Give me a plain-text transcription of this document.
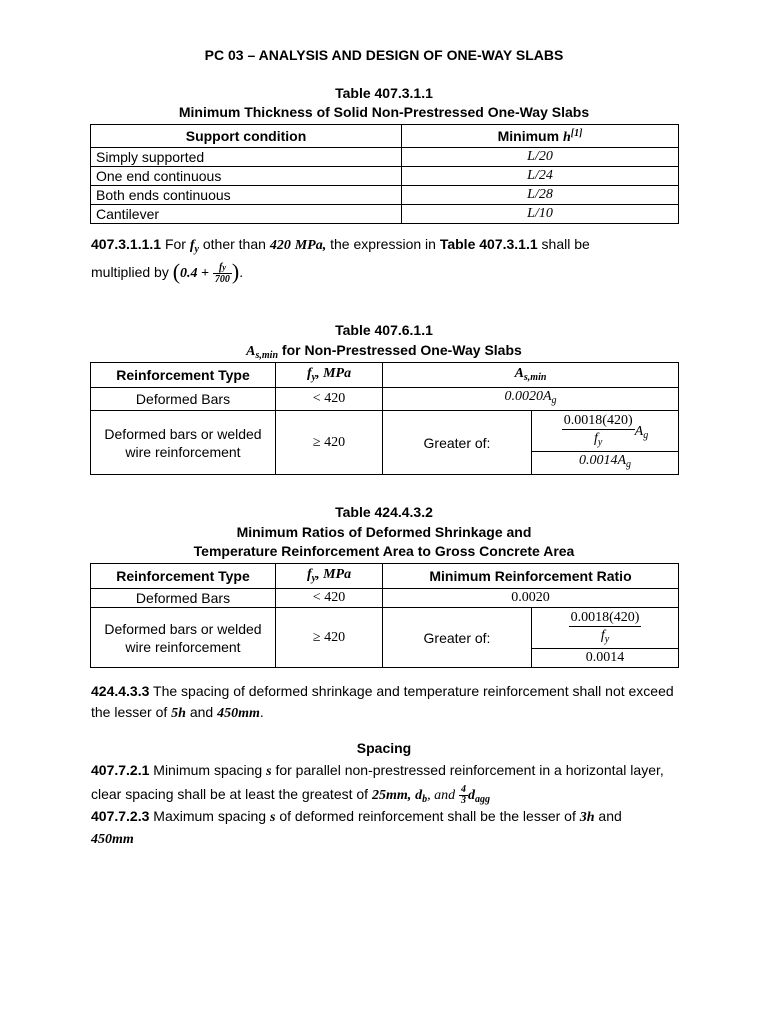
PC 03 – ANALYSIS AND DESIGN OF ONE-WAY SLABS
Table 407.3.1.1
Minimum Thickness of Solid Non-Prestressed One-Way Slabs
Support condition	Minimum h[1]
Simply supported	L/20
One end continuous	L/24
Both ends continuous	L/28
Cantilever	L/10

407.3.1.1.1 For $f_y$ other than 420 MPa, the expression in Table 407.3.1.1 shall be
multiplied by ($0.4 + \frac{fy}{700}$ ).

Table 407.6.1.1
$A_{s,min}$ for Non-Prestressed One-Way Slabs
Reinforcement Type	$f_y$, MPa	$A_{s,min}$
Deformed Bars	< 420	$0.0020A_g$
Deformed bars or welded
wire reinforcement	≥ 420	Greater of:	$\frac{0.0018(420)}{f_y} A_g$
			$0.0014A_g$
Table 424.4.3.2
Minimum Ratios of Deformed Shrinkage and
Temperature Reinforcement Area to Gross Concrete Area
Reinforcement Type	$f_y$, MPa	Minimum Reinforcement Ratio	
Deformed Bars	< 420	0.0020	
Deformed bars or welded
wire reinforcement	≥ 420	Greater of:	$\frac{0.0018(420)}{f_y}$

			0.0014

424.4.3.3 The spacing of deformed shrinkage and temperature reinforcement shall not exceed the lesser of 5h and 450mm.

Spacing

407.7.2.1 Minimum spacing s for parallel non-prestressed reinforcement in a horizontal layer, clear spacing shall be at least the greatest of 25mm, $d_b$, and $\frac{4}{3} d_{agg}$

407.7.2.3 Maximum spacing s of deformed reinforcement shall be the lesser of 3h and
450mm
